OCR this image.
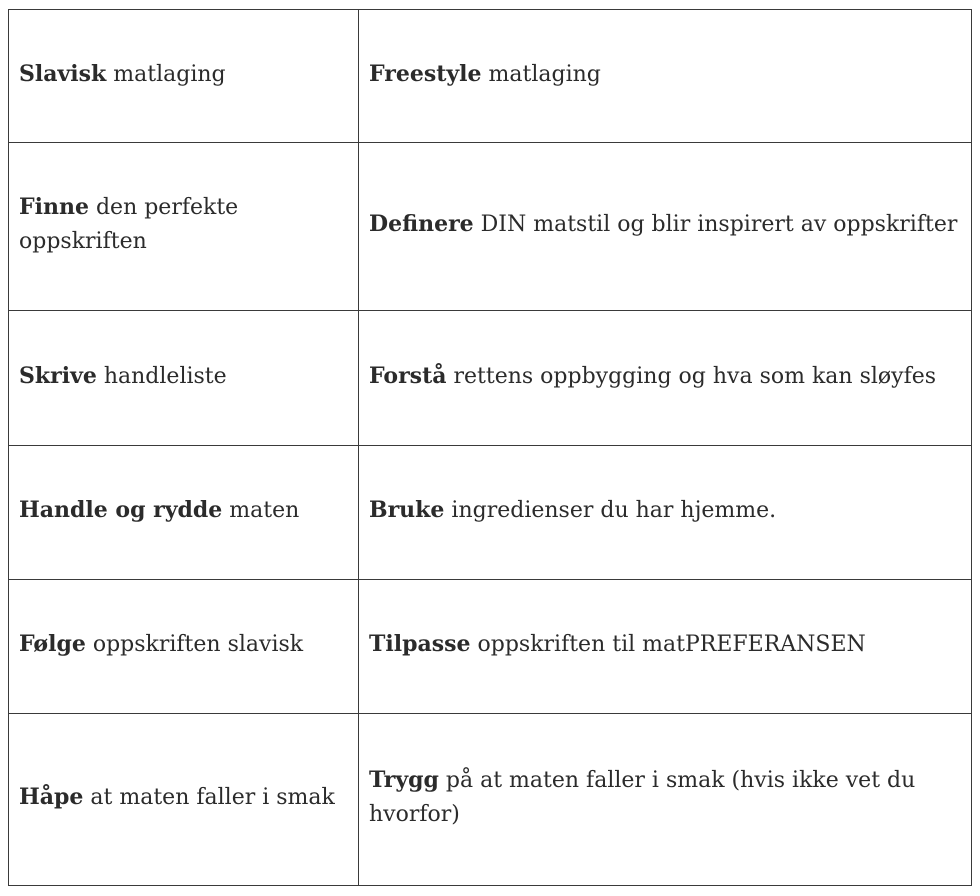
Slavisk matlaging	Freestyle matlaging

Finne den perfekte oppskriften	Definere DIN matstil og blir inspirert av oppskrifter

Skrive handleliste	Forstå rettens oppbygging og hva som kan sløyfes

Handle og rydde maten	Bruke ingredienser du har hjemme.

Følge oppskriften slavisk	Tilpasse oppskriften til matPREFERANSEN

Håpe at maten faller i smak	Trygg på at maten faller i smak (hvis ikke vet du hvorfor)
